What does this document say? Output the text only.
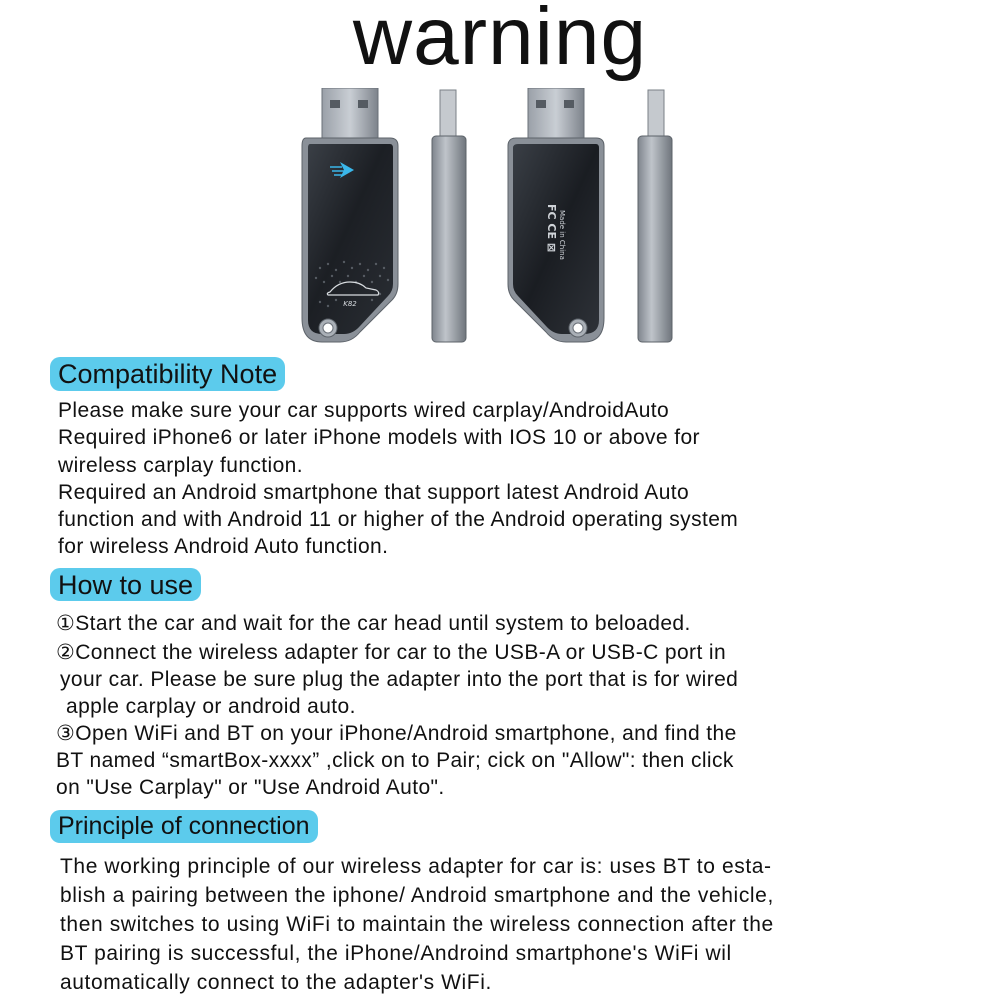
warning
K82
Made in China
FC CE ⊠
Compatibility Note

Please make sure your car supports wired carplay/AndroidAuto

Required iPhone6 or later iPhone models with IOS 10 or above for

wireless carplay function.

Required an Android smartphone that support latest Android Auto

function and with Android 11 or higher of the Android operating system

for wireless Android Auto function.

How to use

①Start the car and wait for the car head until system to beloaded.

②Connect the wireless adapter for car to the USB-A or USB-C port in

your car. Please be sure plug the adapter into the port that is for wired

apple carplay or android auto.

③Open WiFi and BT on your iPhone/Android smartphone, and find the

BT named “smartBox-xxxx” ,click on to Pair; cick on "Allow": then click

on "Use Carplay" or "Use Android Auto".

Principle of connection

The working principle of our wireless adapter for car is: uses BT to esta-

blish a pairing between the iphone/ Android smartphone and the vehicle,

then switches to using WiFi to maintain the wireless connection after the

BT pairing is successful, the iPhone/Androind smartphone's WiFi wil

automatically connect to the adapter's WiFi.
